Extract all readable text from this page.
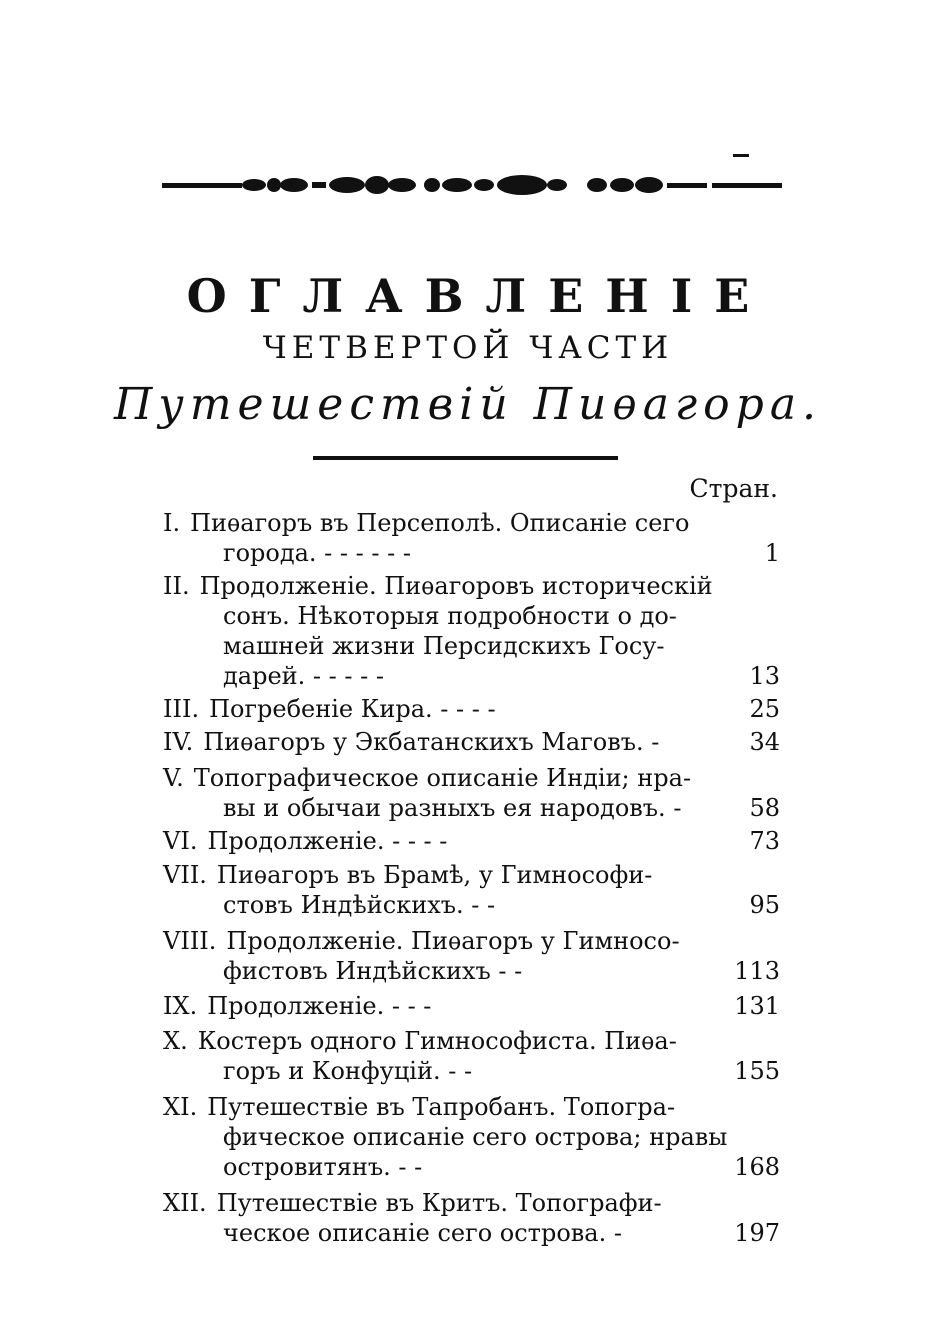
ОГЛАВЛЕНIЕ
ЧЕТВЕРТОЙ ЧАСТИ
Путешествiй Пиѳагора.
Стран.
I. Пиѳагоръ въ Персеполѣ. Описанiе сего
города. - - - - - -	1
II. Продолженiе. Пиѳагоровъ историческiй
сонъ. Нѣкоторыя подробности о до-
машней жизни Персидскихъ Госу-
дарей. - - - - -	13
III. Погребенiе Кира. - - - -	25
IV. Пиѳагоръ у Экбатанскихъ Маговъ. -	34
V. Топографическое описанiе Индiи; нра-
вы и обычаи разныхъ ея народовъ. -	58
VI. Продолженiе. - - - -	73
VII. Пиѳагоръ въ Брамѣ, у Гимнософи-
стовъ Индѣйскихъ. - -	95
VIII. Продолженiе. Пиѳагоръ у Гимносо-
фистовъ Индѣйскихъ - -	113
IX. Продолженiе. - - -	131
X. Костеръ одного Гимнософиста. Пиѳа-
горъ и Конфуцiй. - -	155
XI. Путешествiе въ Тапробанъ. Топогра-
фическое описанiе сего острова; нравы
островитянъ. - -	168
XII. Путешествiе въ Критъ. Топографи-
ческое описанiе сего острова. -	197
